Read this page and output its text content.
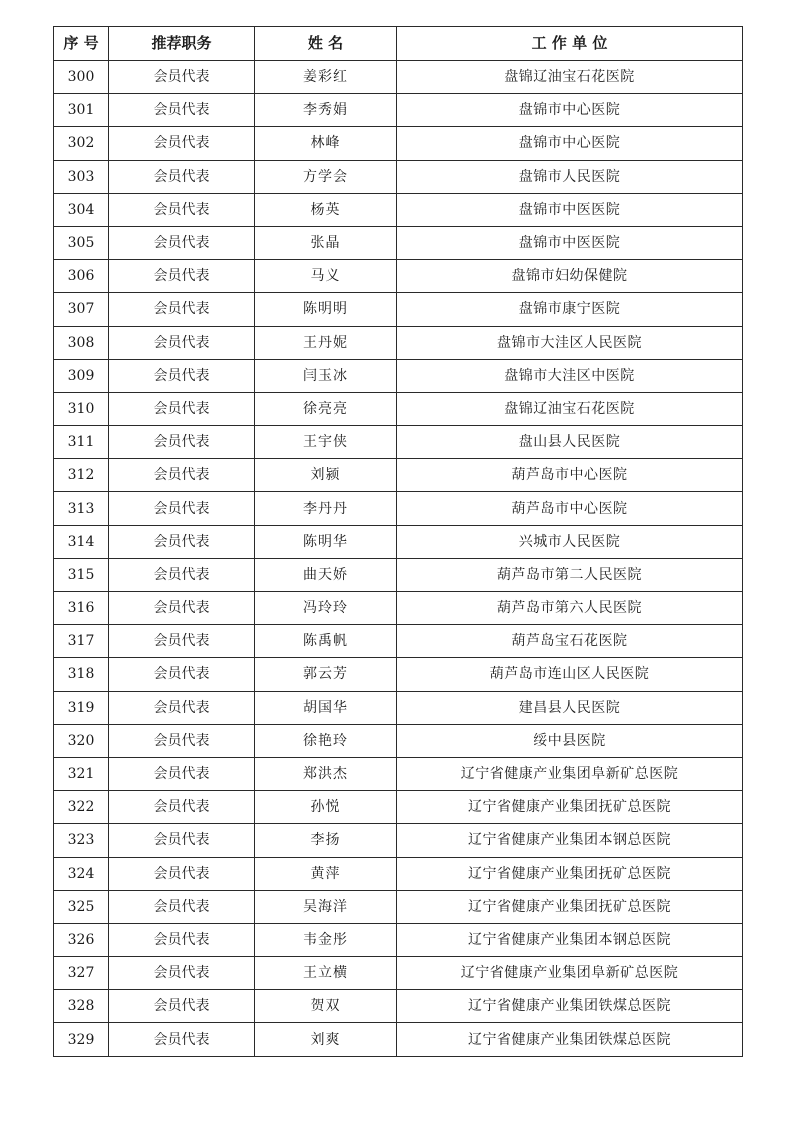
序 号	推荐职务	姓 名	工 作 单 位
300	会员代表	姜彩红	盘锦辽油宝石花医院
301	会员代表	李秀娟	盘锦市中心医院
302	会员代表	林峰	盘锦市中心医院
303	会员代表	方学会	盘锦市人民医院
304	会员代表	杨英	盘锦市中医医院
305	会员代表	张晶	盘锦市中医医院
306	会员代表	马义	盘锦市妇幼保健院
307	会员代表	陈明明	盘锦市康宁医院
308	会员代表	王丹妮	盘锦市大洼区人民医院
309	会员代表	闫玉冰	盘锦市大洼区中医院
310	会员代表	徐亮亮	盘锦辽油宝石花医院
311	会员代表	王宇侠	盘山县人民医院
312	会员代表	刘颍	葫芦岛市中心医院
313	会员代表	李丹丹	葫芦岛市中心医院
314	会员代表	陈明华	兴城市人民医院
315	会员代表	曲天娇	葫芦岛市第二人民医院
316	会员代表	冯玲玲	葫芦岛市第六人民医院
317	会员代表	陈禹帆	葫芦岛宝石花医院
318	会员代表	郭云芳	葫芦岛市连山区人民医院
319	会员代表	胡国华	建昌县人民医院
320	会员代表	徐艳玲	绥中县医院
321	会员代表	郑洪杰	辽宁省健康产业集团阜新矿总医院
322	会员代表	孙悦	辽宁省健康产业集团抚矿总医院
323	会员代表	李扬	辽宁省健康产业集团本钢总医院
324	会员代表	黄萍	辽宁省健康产业集团抚矿总医院
325	会员代表	吴海洋	辽宁省健康产业集团抚矿总医院
326	会员代表	韦金彤	辽宁省健康产业集团本钢总医院
327	会员代表	王立横	辽宁省健康产业集团阜新矿总医院
328	会员代表	贺双	辽宁省健康产业集团铁煤总医院
329	会员代表	刘爽	辽宁省健康产业集团铁煤总医院
